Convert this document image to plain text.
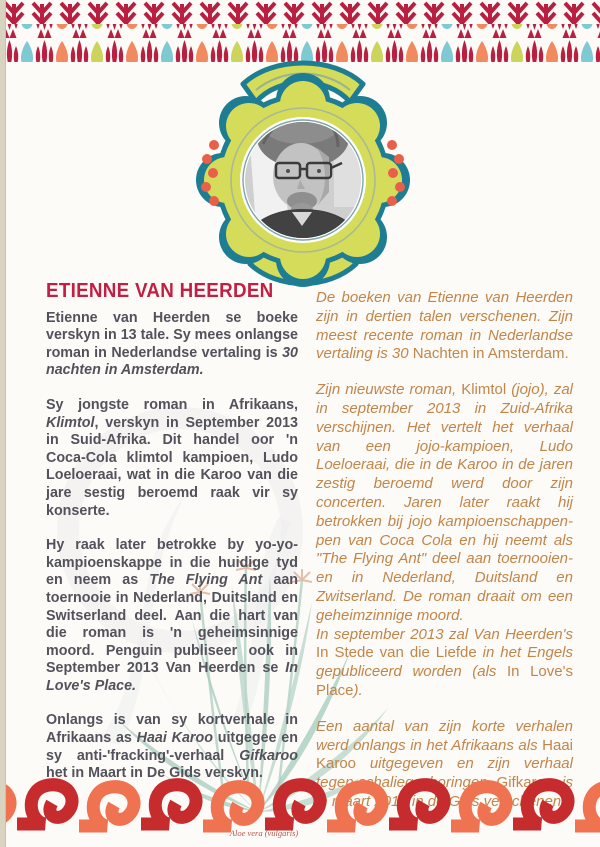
Aloe vera (vulgaris)
ETIENNE VAN HEERDEN

Etienne van Heerden se boeke verskyn in 13 tale. Sy mees onlangse roman in Nederlandse vertaling is 30 nachten in Amsterdam.

Sy jongste roman in Afrikaans, Klimtol, verskyn in September 2013 in Suid-Afrika. Dit handel oor 'n Coca-Cola klimtol kampioen, Ludo Loeloeraai, wat in die Karoo van die jare sestig beroemd raak vir sy konserte.

Hy raak later betrokke by yo-yo-kampioenskappe in die huidige tyd en neem as The Flying Ant aan toernooie in Nederland, Duitsland en Switserland deel. Aan die hart van die roman is 'n geheimsinnige moord. Penguin publiseer ook in September 2013 Van Heerden se In Love's Place.

Onlangs is van sy kortverhale in Afrikaans as Haai Karoo uitgegee en sy anti-'fracking'-verhaal Gifkaroo het in Maart in De Gids verskyn.

De boeken van Etienne van Heerden zijn in dertien talen verschenen. Zijn meest recente roman in Nederlandse vertaling is 30 Nachten in Amsterdam.

Zijn nieuwste roman, Klimtol (jojo), zal in september 2013 in Zuid-Afrika verschijnen. Het vertelt het verhaal van een jojo-kampioen, Ludo Loeloeraai, die in de Karoo in de jaren zestig beroemd werd door zijn concerten. Jaren later raakt hij betrokken bij jojo kampioenschappen- pen van Coca Cola en hij neemt als "The Flying Ant" deel aan toernooien- en in Nederland, Duitsland en Zwitserland. De roman draait om een geheimzinnige moord.

In september 2013 zal Van Heerden's In Stede van die Liefde in het Engels gepubliceerd worden (als In Love's Place).

Een aantal van zijn korte verhalen werd onlangs in het Afrikaans als Haai Karoo uitgegeven en zijn verhaal tegen schaliegasboringen, Gifkaroo, is in maart 2013 in de Gids verschenen.
